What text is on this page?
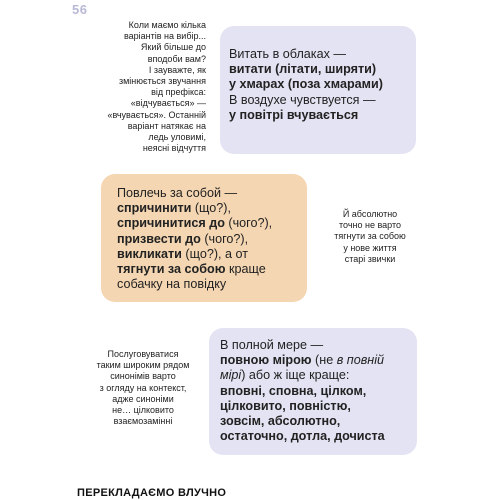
56
Коли маємо кілька
варіантів на вибір...
Який більше до
вподоби вам?
І зауважте, як
змінюється звучання
від префікса:
«відчувається» —
«вчувається». Останній
варіант натякає на
ледь уловимі,
неясні відчуття
Витать в облаках —
витати (літати, ширяти)
у хмарах (поза хмарами)
В воздухе чувствуется —
у повітрі вчувається
Повлечь за собой —
спричинити (що?),
спричинитися до (чого?),
призвести до (чого?),
викликати (що?), а от
тягнути за собою краще
собачку на повідку
Й абсолютно
точно не варто
тягнути за собою
у нове життя
старі звички
Послуговуватися
таким широким рядом
синонімів варто
з огляду на контекст,
адже синоніми
не… цілковито
взаємозамінні
В полной мере —
повною мірою (не в повній
мірі) або ж іще краще:
вповні, сповна, цілком,
цілковито, повністю,
зовсім, абсолютно,
остаточно, дотла, дочиста
ПЕРЕКЛАДАЄМО ВЛУЧНО
